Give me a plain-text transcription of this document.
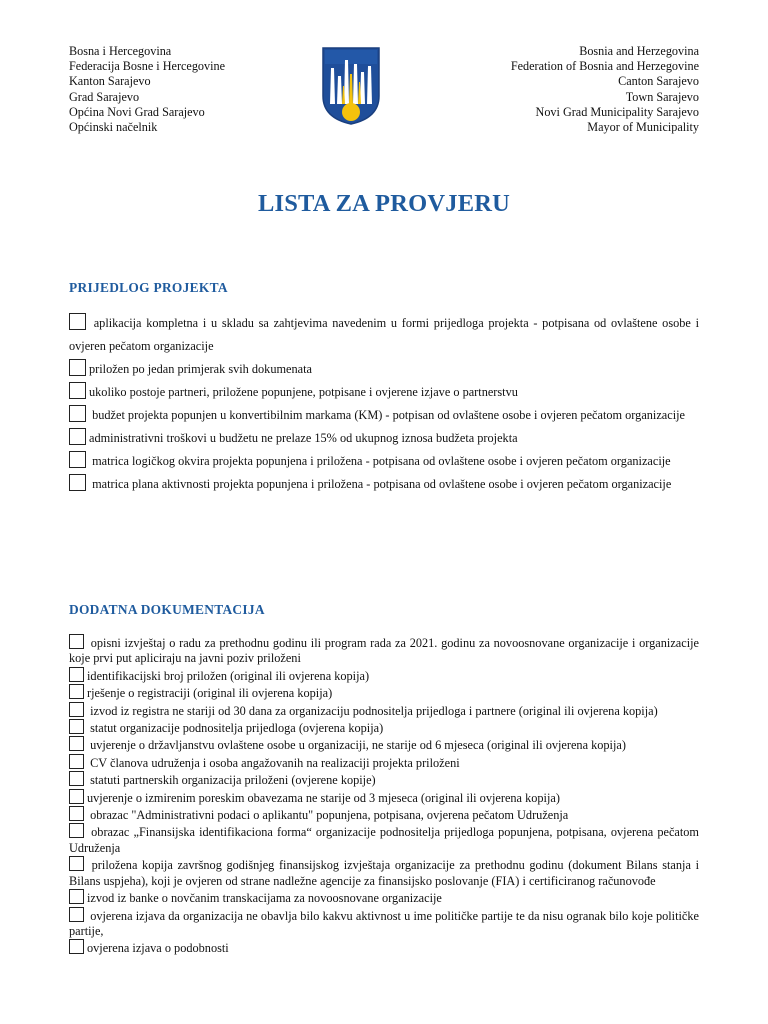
Bosna i Hercegovina
Federacija Bosne i Hercegovine
Kanton Sarajevo
Grad Sarajevo
Općina Novi Grad Sarajevo
Općinski načelnik
Bosnia and Herzegovina
Federation of Bosnia and Herzegovine
Canton Sarajevo
Town Sarajevo
Novi Grad Municipality Sarajevo
Mayor of Municipality
LISTA ZA PROVJERU
PRIJEDLOG PROJEKTA
aplikacija kompletna i u skladu sa zahtjevima navedenim u formi prijedloga projekta - potpisana od ovlaštene osobe i ovjeren pečatom organizacije
priložen po jedan primjerak svih dokumenata
ukoliko postoje partneri, priložene popunjene, potpisane i ovjerene izjave o partnerstvu
budžet projekta popunjen u konvertibilnim markama (KM) - potpisan od ovlaštene osobe i ovjeren pečatom organizacije
administrativni troškovi u budžetu ne prelaze 15% od ukupnog iznosa budžeta projekta
matrica logičkog okvira projekta popunjena i priložena - potpisana od ovlaštene osobe i ovjeren pečatom organizacije
matrica plana aktivnosti projekta popunjena i priložena - potpisana od ovlaštene osobe i ovjeren pečatom organizacije
DODATNA DOKUMENTACIJA
opisni izvještaj o radu za prethodnu godinu ili program rada za 2021. godinu za novoosnovane organizacije i organizacije koje prvi put apliciraju na javni poziv priloženi
identifikacijski broj priložen (original ili ovjerena kopija)
rješenje o registraciji (original ili ovjerena kopija)
izvod iz registra ne stariji od 30 dana za organizaciju podnositelja prijedloga i partnere (original ili ovjerena kopija)
statut organizacije podnositelja prijedloga (ovjerena kopija)
uvjerenje o državljanstvu ovlaštene osobe u organizaciji, ne starije od 6 mjeseca (original ili ovjerena kopija)
CV članova udruženja i osoba angažovanih na realizaciji projekta priloženi
statuti partnerskih organizacija priloženi (ovjerene kopije)
uvjerenje o izmirenim poreskim obavezama ne starije od 3 mjeseca (original ili ovjerena kopija)
obrazac "Administrativni podaci o aplikantu" popunjena, potpisana, ovjerena pečatom Udruženja
obrazac „Finansijska identifikaciona forma“ organizacije podnositelja prijedloga popunjena, potpisana, ovjerena pečatom Udruženja
priložena kopija završnog godišnjeg finansijskog izvještaja organizacije za prethodnu godinu (dokument Bilans stanja i Bilans uspjeha), koji je ovjeren od strane nadležne agencije za finansijsko poslovanje (FIA) i certificiranog računovođe
izvod iz banke o novčanim transkacijama za novoosnovane organizacije
ovjerena izjava da organizacija ne obavlja bilo kakvu aktivnost u ime političke partije te da nisu ogranak bilo koje političke partije,
ovjerena izjava o podobnosti
